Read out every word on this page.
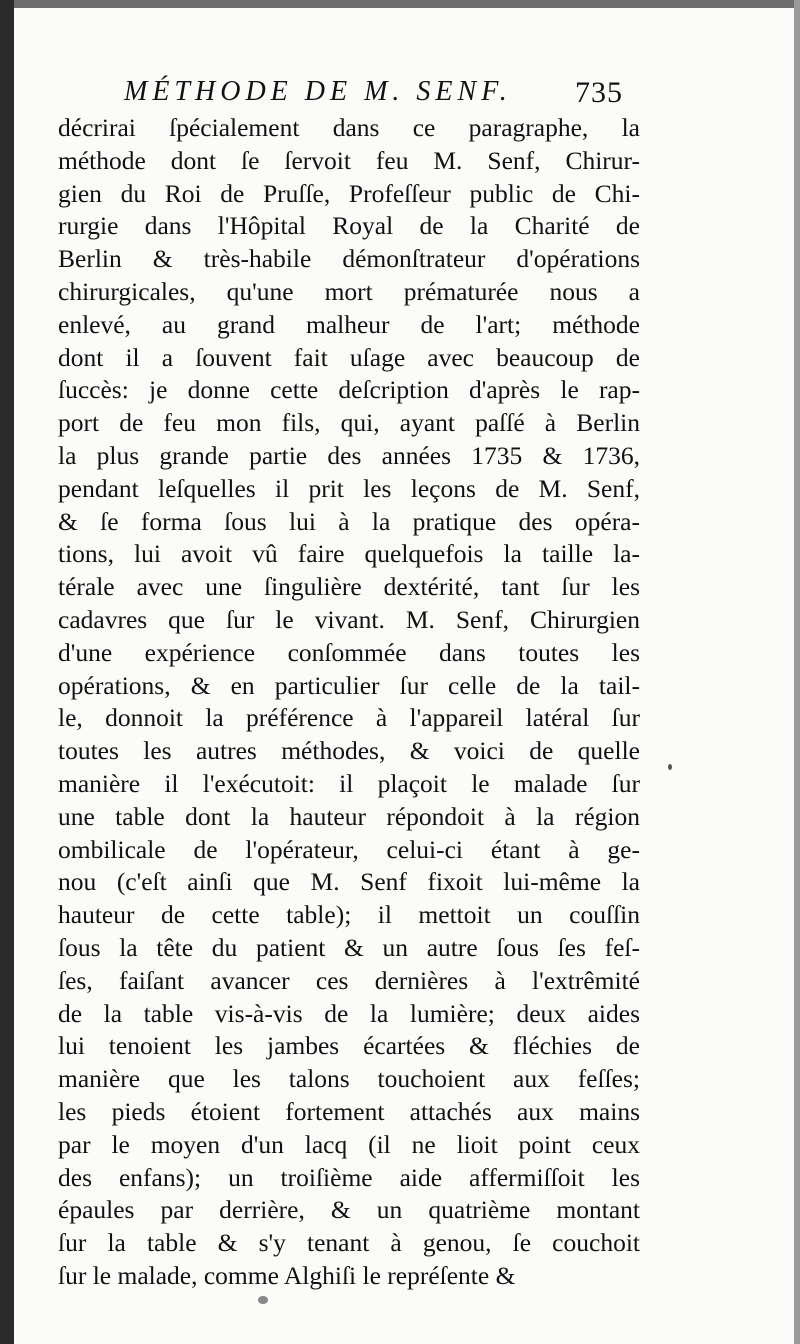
MÉTHODE DE M. SENF. 735
décrirai ſpécialement dans ce paragraphe, la
méthode dont ſe ſervoit feu M. Senf, Chirur-
gien du Roi de Pruſſe, Profeſſeur public de Chi-
rurgie dans l'Hôpital Royal de la Charité de
Berlin & très-habile démonſtrateur d'opérations
chirurgicales, qu'une mort prématurée nous a
enlevé, au grand malheur de l'art; méthode
dont il a ſouvent fait uſage avec beaucoup de
ſuccès: je donne cette deſcription d'après le rap-
port de feu mon fils, qui, ayant paſſé à Berlin
la plus grande partie des années 1735 & 1736,
pendant leſquelles il prit les leçons de M. Senf,
& ſe forma ſous lui à la pratique des opéra-
tions, lui avoit vû faire quelquefois la taille la-
térale avec une ſingulière dextérité, tant ſur les
cadavres que ſur le vivant. M. Senf, Chirurgien
d'une expérience conſommée dans toutes les
opérations, & en particulier ſur celle de la tail-
le, donnoit la préférence à l'appareil latéral ſur
toutes les autres méthodes, & voici de quelle
manière il l'exécutoit: il plaçoit le malade ſur
une table dont la hauteur répondoit à la région
ombilicale de l'opérateur, celui-ci étant à ge-
nou (c'eſt ainſi que M. Senf fixoit lui-même la
hauteur de cette table); il mettoit un couſſin
ſous la tête du patient & un autre ſous ſes feſ-
ſes, faiſant avancer ces dernières à l'extrêmité
de la table vis-à-vis de la lumière; deux aides
lui tenoient les jambes écartées & fléchies de
manière que les talons touchoient aux feſſes;
les pieds étoient fortement attachés aux mains
par le moyen d'un lacq (il ne lioit point ceux
des enfans); un troiſième aide affermiſſoit les
épaules par derrière, & un quatrième montant
ſur la table & s'y tenant à genou, ſe couchoit
ſur le malade, comme Alghiſi le repréſente &
